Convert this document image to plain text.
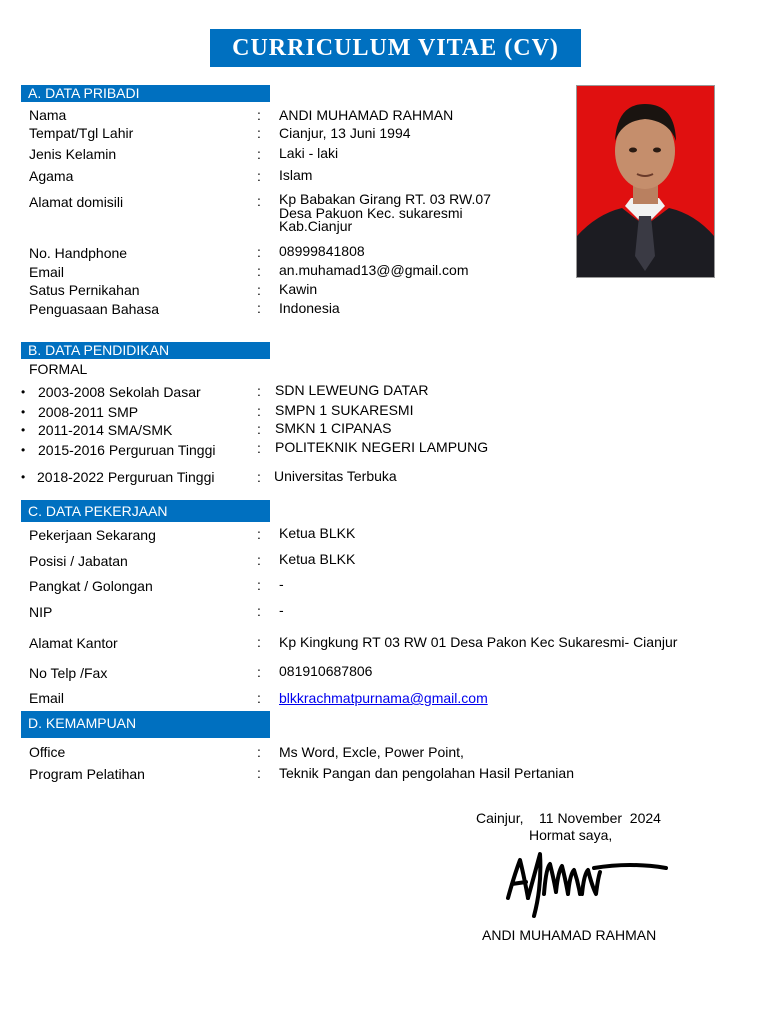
CURRICULUM VITAE (CV)
A. DATA PRIBADI
Nama	: ANDI MUHAMAD RAHMAN
Tempat/Tgl Lahir	: Cianjur, 13 Juni 1994
Jenis Kelamin	: Laki - laki
Agama	: Islam
Alamat domisili	: Kp Babakan Girang RT. 03 RW.07
Desa Pakuon Kec. sukaresmi
Kab.Cianjur
No. Handphone	: 08999841808
Email	: an.muhamad13@@gmail.com
Satus Pernikahan	: Kawin
Penguasaan Bahasa	: Indonesia
B. DATA PENDIDIKAN
FORMAL
• 2003-2008 Sekolah Dasar	: SDN LEWEUNG DATAR
• 2008-2011 SMP	: SMPN 1 SUKARESMI
• 2011-2014 SMA/SMK	: SMKN 1 CIPANAS
• 2015-2016 Perguruan Tinggi	: POLITEKNIK NEGERI LAMPUNG
• 2018-2022 Perguruan Tinggi	: Universitas Terbuka
C. DATA PEKERJAAN
Pekerjaan Sekarang	: Ketua BLKK
Posisi / Jabatan	: Ketua BLKK
Pangkat / Golongan	: -
NIP	: -
Alamat Kantor	: Kp Kingkung RT 03 RW 01 Desa Pakon Kec Sukaresmi- Cianjur
No Telp /Fax	: 081910687806
Email	: blkkrachmatpurnama@gmail.com
D. KEMAMPUAN
Office	: Ms Word, Excle, Power Point,
Program Pelatihan	: Teknik Pangan dan pengolahan Hasil Pertanian
Cainjur,    11 November  2024
Hormat saya,
ANDI MUHAMAD RAHMAN
